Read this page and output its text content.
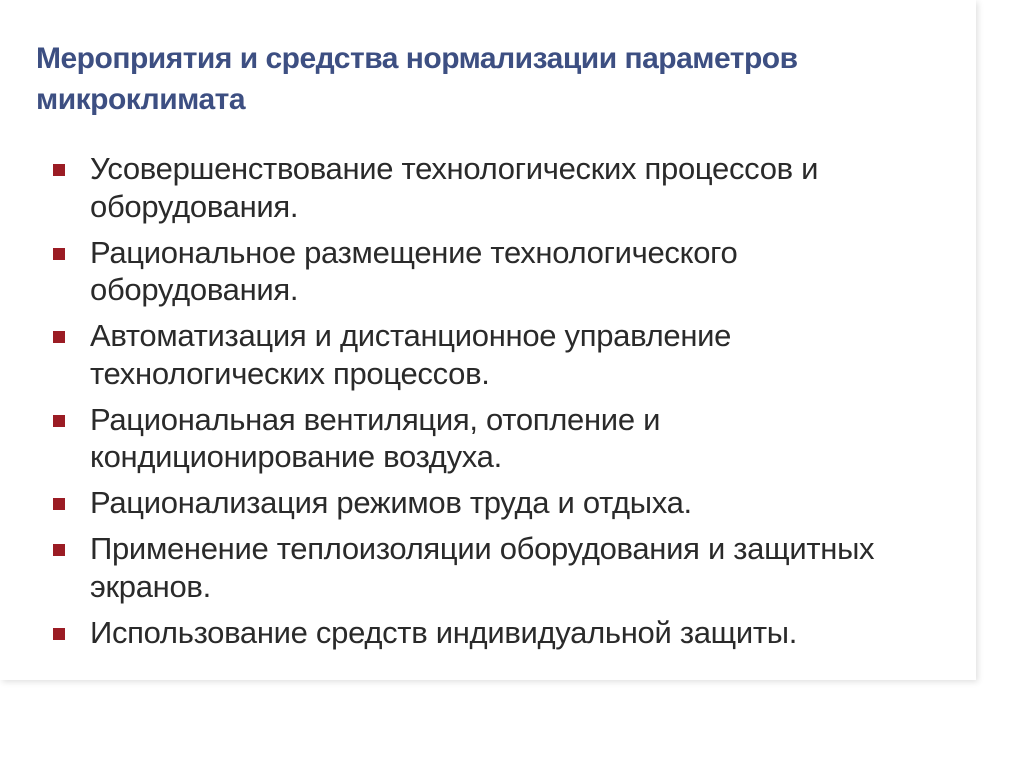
Мероприятия и средства нормализации параметров микроклимата
Усовершенствование технологических процессов и оборудования.
Рациональное размещение технологического оборудования.
Автоматизация и дистанционное управление технологических процессов.
Рациональная вентиляция, отопление и кондиционирование воздуха.
Рационализация режимов труда и отдыха.
Применение теплоизоляции оборудования и защитных экранов.
Использование средств индивидуальной защиты.
